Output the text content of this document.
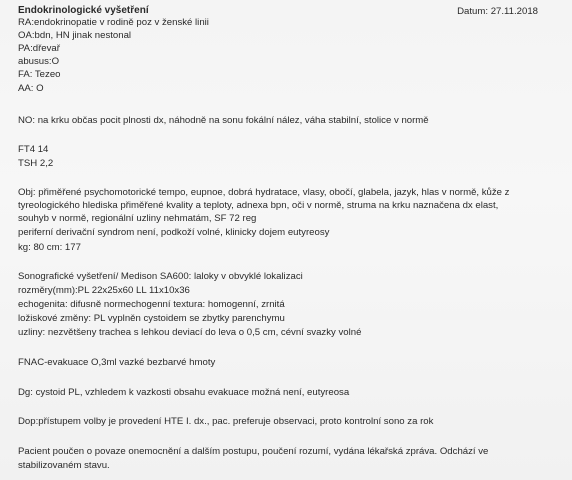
Endokrinologické vyšetření	Datum: 27.11.2018
RA:endokrinopatie v rodině poz v ženské linii
OA:bdn, HN jinak nestonal
PA:dřevař
abusus:O
FA: Tezeo
AA: O
NO: na krku občas pocit plnosti dx, náhodně na sonu fokální nález, váha stabilní, stolice v normě
FT4 14
TSH 2,2
Obj: přiměřené psychomotorické tempo, eupnoe, dobrá hydratace, vlasy, obočí, glabela, jazyk, hlas v normě, kůže z
tyreologického hlediska přiměřené kvality a teploty, adnexa bpn, oči v normě, struma na krku naznačena dx elast,
souhyb v normě, regionální uzliny nehmatám, SF 72 reg
periferní derivační syndrom není, podkoží volné, klinicky dojem eutyreosy
kg: 80 cm: 177
Sonografické vyšetření/ Medison SA600: laloky v obvyklé lokalizaci
rozměry(mm):PL 22x25x60 LL 11x10x36
echogenita: difusně normechogenní textura: homogenní, zrnitá
ložiskové změny: PL vyplněn cystoidem se zbytky parenchymu
uzliny: nezvětšeny trachea s lehkou deviací do leva o 0,5 cm, cévní svazky volné
FNAC-evakuace O,3ml vazké bezbarvé hmoty
Dg: cystoid PL, vzhledem k vazkosti obsahu evakuace možná není, eutyreosa
Dop:přístupem volby je provedení HTE I. dx., pac. preferuje observaci, proto kontrolní sono za rok
Pacient poučen o povaze onemocnění a dalším postupu, poučení rozumí, vydána lékařská zpráva. Odchází ve
stabilizovaném stavu.
